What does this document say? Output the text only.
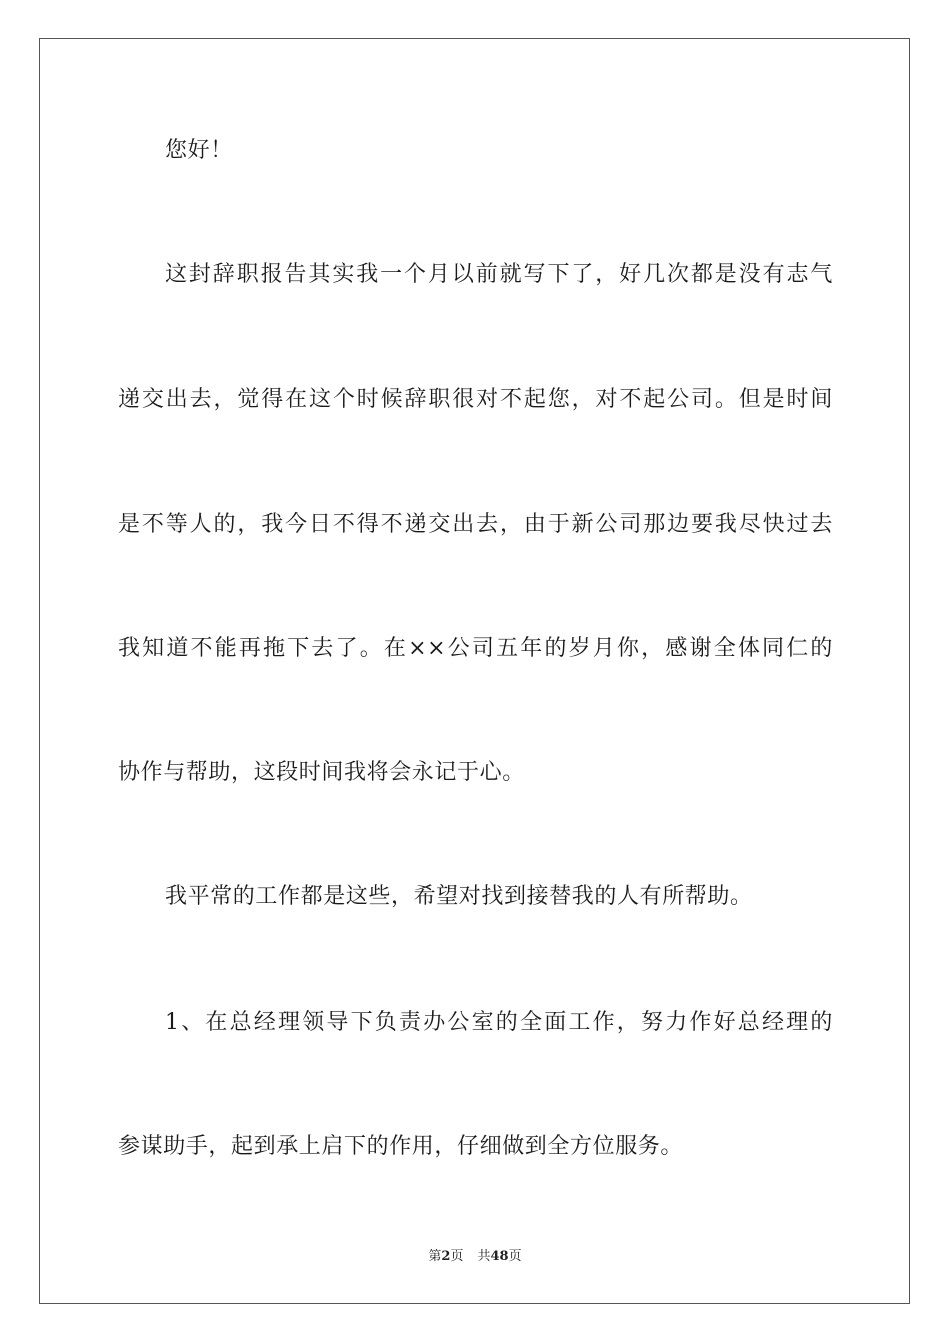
您好！
这封辞职报告其实我一个月以前就写下了，好几次都是没有志气
递交出去，觉得在这个时候辞职很对不起您，对不起公司。但是时间
是不等人的，我今日不得不递交出去，由于新公司那边要我尽快过去
我知道不能再拖下去了。在××公司五年的岁月你，感谢全体同仁的
协作与帮助，这段时间我将会永记于心。
我平常的工作都是这些，希望对找到接替我的人有所帮助。
1、在总经理领导下负责办公室的全面工作，努力作好总经理的
参谋助手，起到承上启下的作用，仔细做到全方位服务。
第2页 共48页
